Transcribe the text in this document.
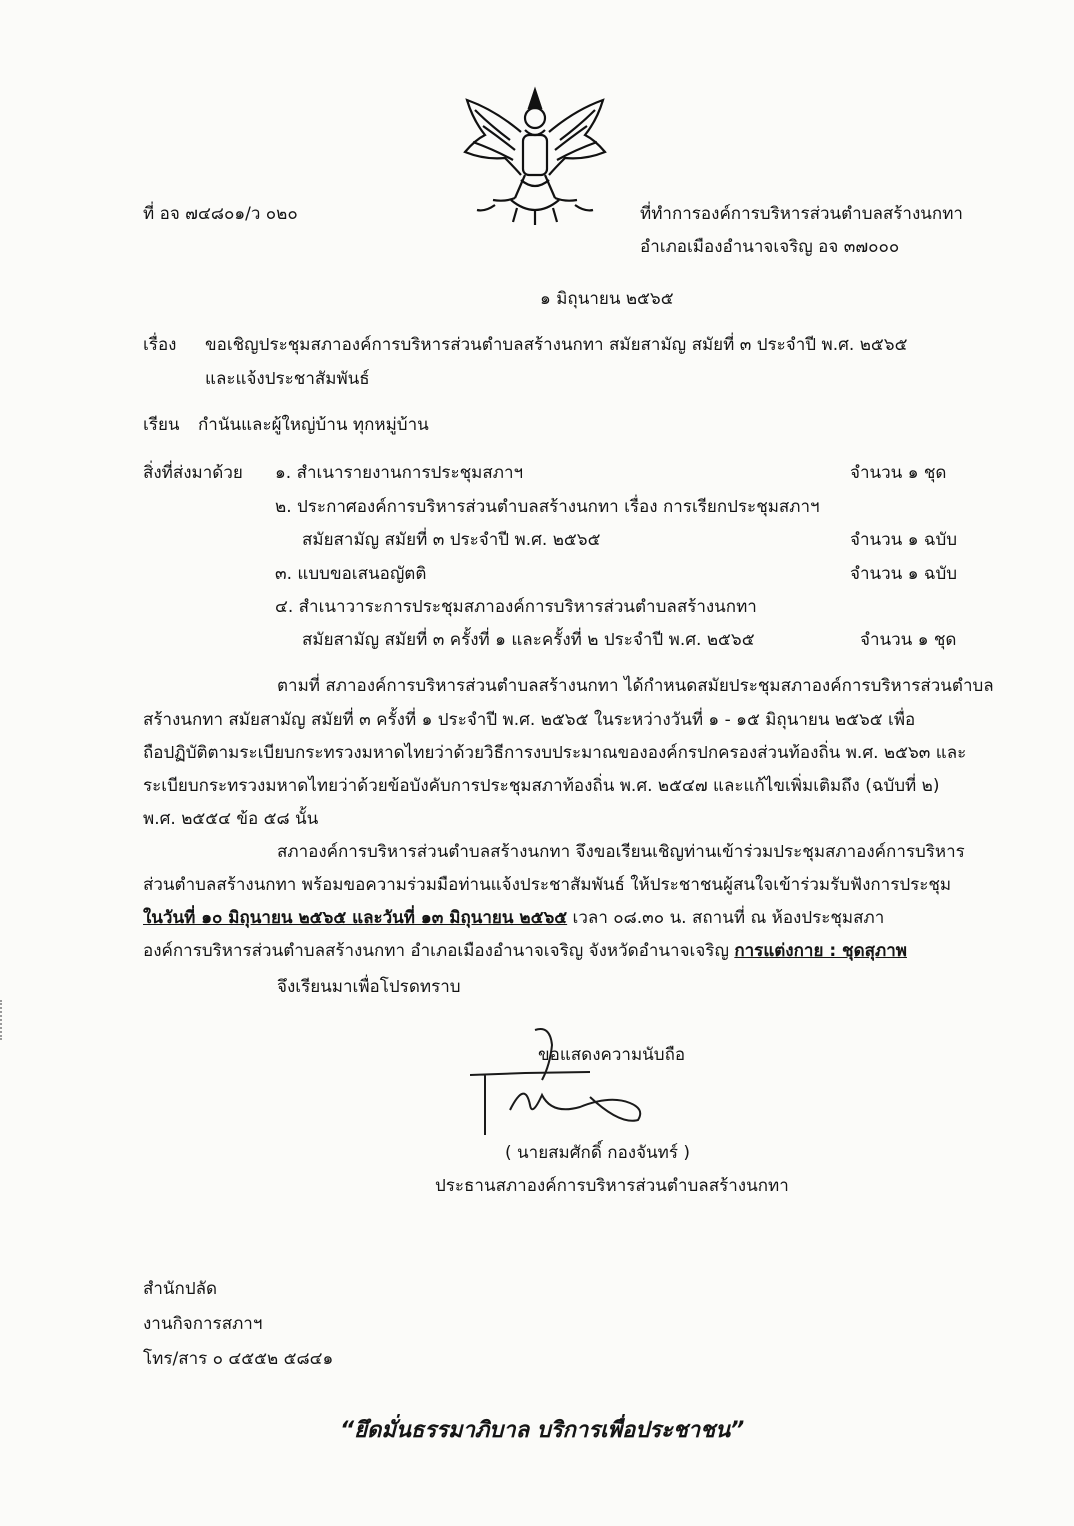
ที่ อจ ๗๔๘๐๑/ว ๐๒๐	ที่ทำการองค์การบริหารส่วนตำบลสร้างนกทา
อำเภอเมืองอำนาจเจริญ อจ ๓๗๐๐๐
๑ มิถุนายน ๒๕๖๕
เรื่อง ขอเชิญประชุมสภาองค์การบริหารส่วนตำบลสร้างนกทา สมัยสามัญ สมัยที่ ๓ ประจำปี พ.ศ. ๒๕๖๕
และแจ้งประชาสัมพันธ์
เรียน กำนันและผู้ใหญ่บ้าน ทุกหมู่บ้าน
สิ่งที่ส่งมาด้วย ๑. สำเนารายงานการประชุมสภาฯ	จำนวน ๑ ชุด
๒. ประกาศองค์การบริหารส่วนตำบลสร้างนกทา เรื่อง การเรียกประชุมสภาฯ
สมัยสามัญ สมัยที่ ๓ ประจำปี พ.ศ. ๒๕๖๕	จำนวน ๑ ฉบับ
๓. แบบขอเสนอญัตติ	จำนวน ๑ ฉบับ
๔. สำเนาวาระการประชุมสภาองค์การบริหารส่วนตำบลสร้างนกทา
สมัยสามัญ สมัยที่ ๓ ครั้งที่ ๑ และครั้งที่ ๒ ประจำปี พ.ศ. ๒๕๖๕	จำนวน ๑ ชุด
ตามที่ สภาองค์การบริหารส่วนตำบลสร้างนกทา ได้กำหนดสมัยประชุมสภาองค์การบริหารส่วนตำบล
สร้างนกทา สมัยสามัญ สมัยที่ ๓ ครั้งที่ ๑ ประจำปี พ.ศ. ๒๕๖๕ ในระหว่างวันที่ ๑ - ๑๕ มิถุนายน ๒๕๖๕ เพื่อ
ถือปฏิบัติตามระเบียบกระทรวงมหาดไทยว่าด้วยวิธีการงบประมาณขององค์กรปกครองส่วนท้องถิ่น พ.ศ. ๒๕๖๓ และ
ระเบียบกระทรวงมหาดไทยว่าด้วยข้อบังคับการประชุมสภาท้องถิ่น พ.ศ. ๒๕๔๗ และแก้ไขเพิ่มเติมถึง (ฉบับที่ ๒)
พ.ศ. ๒๕๕๔ ข้อ ๕๘ นั้น
สภาองค์การบริหารส่วนตำบลสร้างนกทา จึงขอเรียนเชิญท่านเข้าร่วมประชุมสภาองค์การบริหาร
ส่วนตำบลสร้างนกทา พร้อมขอความร่วมมือท่านแจ้งประชาสัมพันธ์ ให้ประชาชนผู้สนใจเข้าร่วมรับฟังการประชุม
ในวันที่ ๑๐ มิถุนายน ๒๕๖๕ และวันที่ ๑๓ มิถุนายน ๒๕๖๕ เวลา ๐๘.๓๐ น. สถานที่ ณ ห้องประชุมสภา
องค์การบริหารส่วนตำบลสร้างนกทา อำเภอเมืองอำนาจเจริญ จังหวัดอำนาจเจริญ การแต่งกาย : ชุดสุภาพ
จึงเรียนมาเพื่อโปรดทราบ
ขอแสดงความนับถือ
( นายสมศักดิ์ กองจันทร์ )
ประธานสภาองค์การบริหารส่วนตำบลสร้างนกทา
สำนักปลัด
งานกิจการสภาฯ
โทร/สาร ๐ ๔๕๕๒ ๕๘๔๑
“ยึดมั่นธรรมาภิบาล บริการเพื่อประชาชน”
